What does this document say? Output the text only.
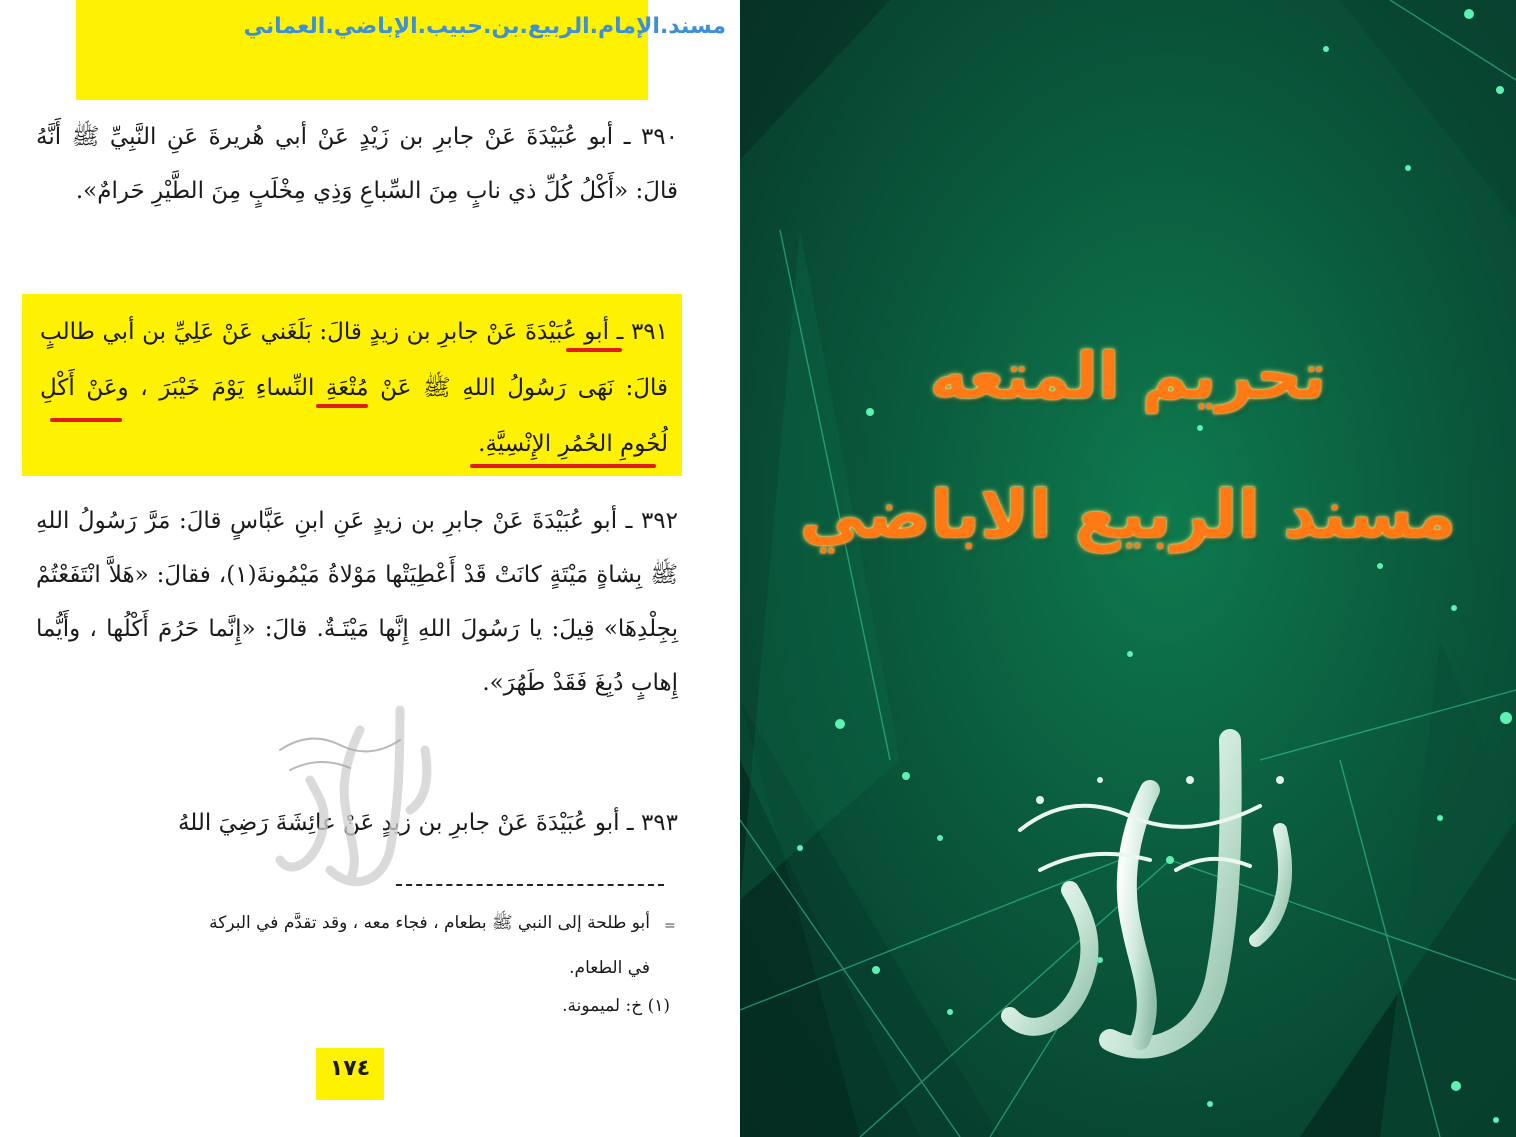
مسند.الإمام.الربيع.بن.حبيب.الإباضي.العماني
٣٩٠ ـ أبو عُبَيْدَةَ عَنْ جابرِ بن زَيْدٍ عَنْ أبي هُريرةَ عَنِ النَّبِيِّ ﷺ أَنَّهُ قالَ: «أَكْلُ كُلِّ ذي نابٍ مِنَ السِّباعِ وَذِي مِخْلَبٍ مِنَ الطَّيْرِ حَرامٌ».
٣٩١ ـ أبو عُبَيْدَةَ عَنْ جابرِ بن زيدٍ قالَ: بَلَغَني عَنْ عَلِيِّ بن أبي طالبٍ قالَ: نَهَى رَسُولُ اللهِ ﷺ عَنْ مُتْعَةِ النِّساءِ يَوْمَ خَيْبَرَ ، وعَنْ أَكْلِ لُحُومِ الحُمُرِ الإِنْسِيَّةِ.
٣٩٢ ـ أبو عُبَيْدَةَ عَنْ جابرِ بن زيدٍ عَنِ ابنِ عَبَّاسٍ قالَ: مَرَّ رَسُولُ اللهِ ﷺ بِشاةٍ مَيْتَةٍ كانَتْ قَدْ أَعْطِيَتْها مَوْلاةُ مَيْمُونةَ(١)، فقالَ: «هَلاَّ انْتَفَعْتُمْ بِجِلْدِهَا» قِيلَ: يا رَسُولَ اللهِ إِنَّها مَيْتَـةٌ. قالَ: «إِنَّما حَرُمَ أَكْلُها ، وأَيُّما إِهابٍ دُبِغَ فَقَدْ طَهُرَ».
٣٩٣ ـ أبو عُبَيْدَةَ عَنْ جابرِ بن زيدٍ عَنْ عائِشَةَ رَضِيَ اللهُ
=
أبو طلحة إلى النبي ﷺ بطعام ، فجاء معه ، وقد تقدَّم في البركة
في الطعام.
(١) خ: لميمونة.
١٧٤
تحريم المتعه
مسند الربيع الاباضي
